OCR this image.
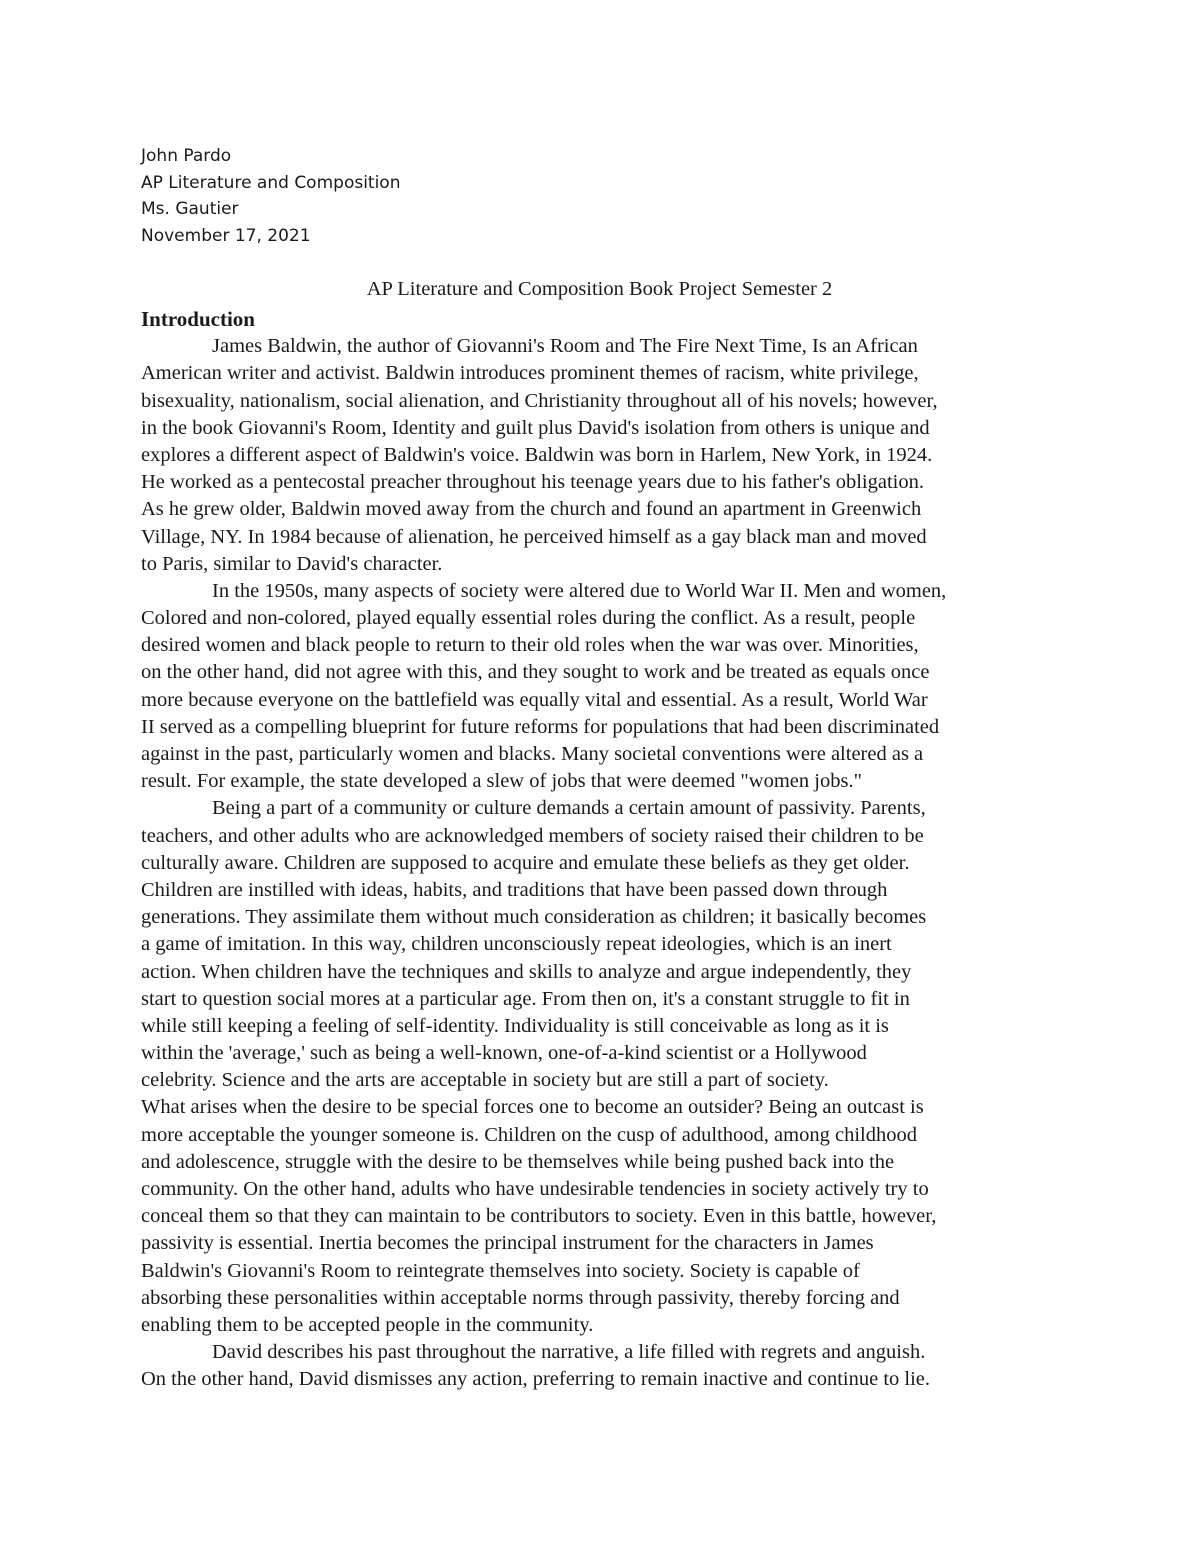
John Pardo
AP Literature and Composition
Ms. Gautier
November 17, 2021
AP Literature and Composition Book Project Semester 2
Introduction
James Baldwin, the author of Giovanni's Room and The Fire Next Time, Is an African
American writer and activist. Baldwin introduces prominent themes of racism, white privilege,
bisexuality, nationalism, social alienation, and Christianity throughout all of his novels; however,
in the book Giovanni's Room, Identity and guilt plus David's isolation from others is unique and
explores a different aspect of Baldwin's voice. Baldwin was born in Harlem, New York, in 1924.
He worked as a pentecostal preacher throughout his teenage years due to his father's obligation.
As he grew older, Baldwin moved away from the church and found an apartment in Greenwich
Village, NY. In 1984 because of alienation, he perceived himself as a gay black man and moved
to Paris, similar to David's character.
In the 1950s, many aspects of society were altered due to World War II. Men and women,
Colored and non-colored, played equally essential roles during the conflict. As a result, people
desired women and black people to return to their old roles when the war was over. Minorities,
on the other hand, did not agree with this, and they sought to work and be treated as equals once
more because everyone on the battlefield was equally vital and essential. As a result, World War
II served as a compelling blueprint for future reforms for populations that had been discriminated
against in the past, particularly women and blacks. Many societal conventions were altered as a
result. For example, the state developed a slew of jobs that were deemed "women jobs."
Being a part of a community or culture demands a certain amount of passivity. Parents,
teachers, and other adults who are acknowledged members of society raised their children to be
culturally aware. Children are supposed to acquire and emulate these beliefs as they get older.
Children are instilled with ideas, habits, and traditions that have been passed down through
generations. They assimilate them without much consideration as children; it basically becomes
a game of imitation. In this way, children unconsciously repeat ideologies, which is an inert
action. When children have the techniques and skills to analyze and argue independently, they
start to question social mores at a particular age. From then on, it's a constant struggle to fit in
while still keeping a feeling of self-identity. Individuality is still conceivable as long as it is
within the 'average,' such as being a well-known, one-of-a-kind scientist or a Hollywood
celebrity. Science and the arts are acceptable in society but are still a part of society.
What arises when the desire to be special forces one to become an outsider? Being an outcast is
more acceptable the younger someone is. Children on the cusp of adulthood, among childhood
and adolescence, struggle with the desire to be themselves while being pushed back into the
community. On the other hand, adults who have undesirable tendencies in society actively try to
conceal them so that they can maintain to be contributors to society. Even in this battle, however,
passivity is essential. Inertia becomes the principal instrument for the characters in James
Baldwin's Giovanni's Room to reintegrate themselves into society. Society is capable of
absorbing these personalities within acceptable norms through passivity, thereby forcing and
enabling them to be accepted people in the community.
David describes his past throughout the narrative, a life filled with regrets and anguish.
On the other hand, David dismisses any action, preferring to remain inactive and continue to lie.
